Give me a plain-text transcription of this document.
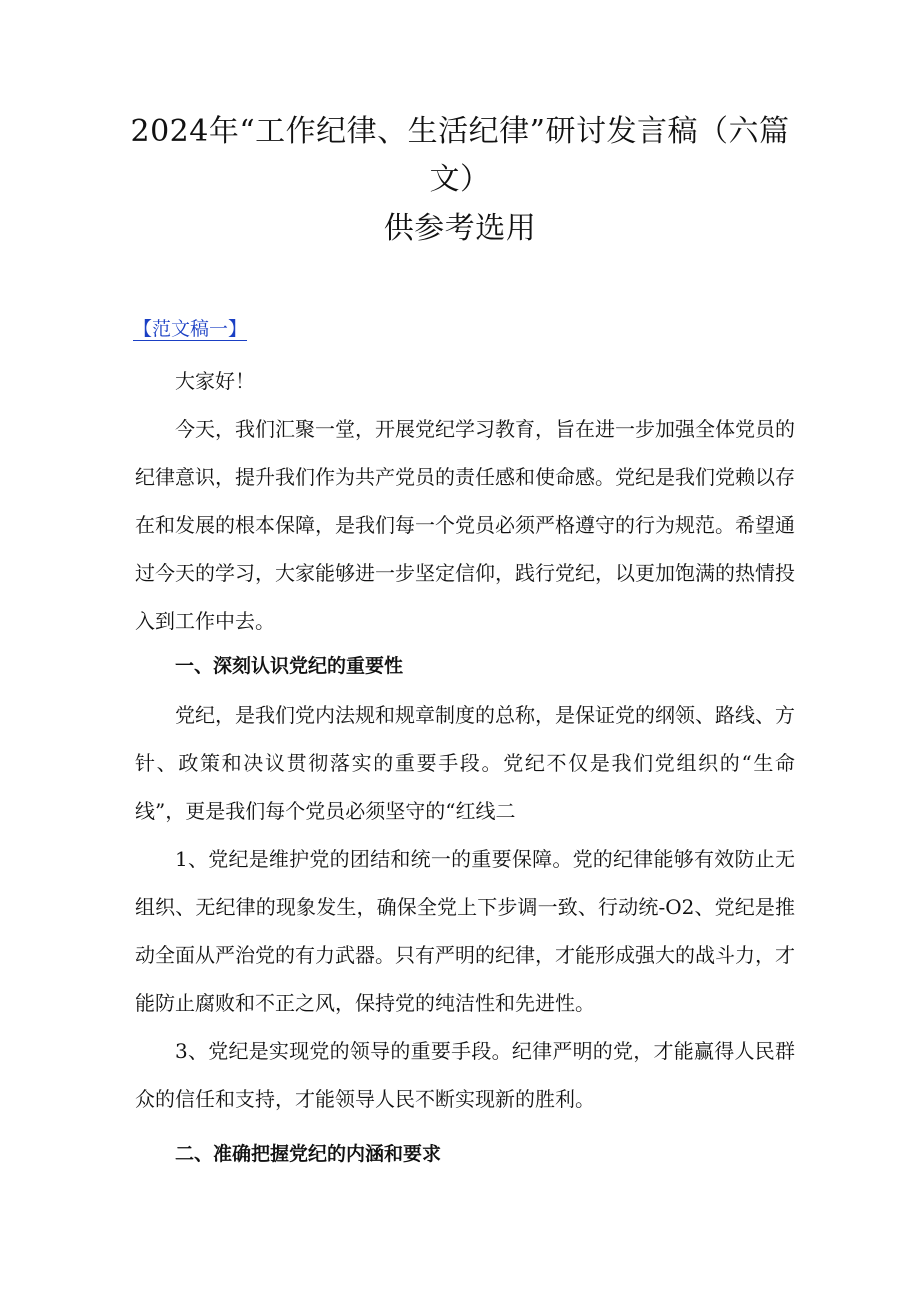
2024年“工作纪律、生活纪律”研讨发言稿（六篇
文）
供参考选用
【范文稿一】

大家好！

今天，我们汇聚一堂，开展党纪学习教育，旨在进一步加强全体党员的纪律意识，提升我们作为共产党员的责任感和使命感。党纪是我们党赖以存在和发展的根本保障，是我们每一个党员必须严格遵守的行为规范。希望通过今天的学习，大家能够进一步坚定信仰，践行党纪，以更加饱满的热情投入到工作中去。

一、深刻认识党纪的重要性

党纪，是我们党内法规和规章制度的总称，是保证党的纲领、路线、方针、政策和决议贯彻落实的重要手段。党纪不仅是我们党组织的“生命线”，更是我们每个党员必须坚守的“红线二

1、党纪是维护党的团结和统一的重要保障。党的纪律能够有效防止无组织、无纪律的现象发生，确保全党上下步调一致、行动统-O2、党纪是推动全面从严治党的有力武器。只有严明的纪律，才能形成强大的战斗力，才能防止腐败和不正之风，保持党的纯洁性和先进性。

3、党纪是实现党的领导的重要手段。纪律严明的党，才能赢得人民群众的信任和支持，才能领导人民不断实现新的胜利。

二、准确把握党纪的内涵和要求
